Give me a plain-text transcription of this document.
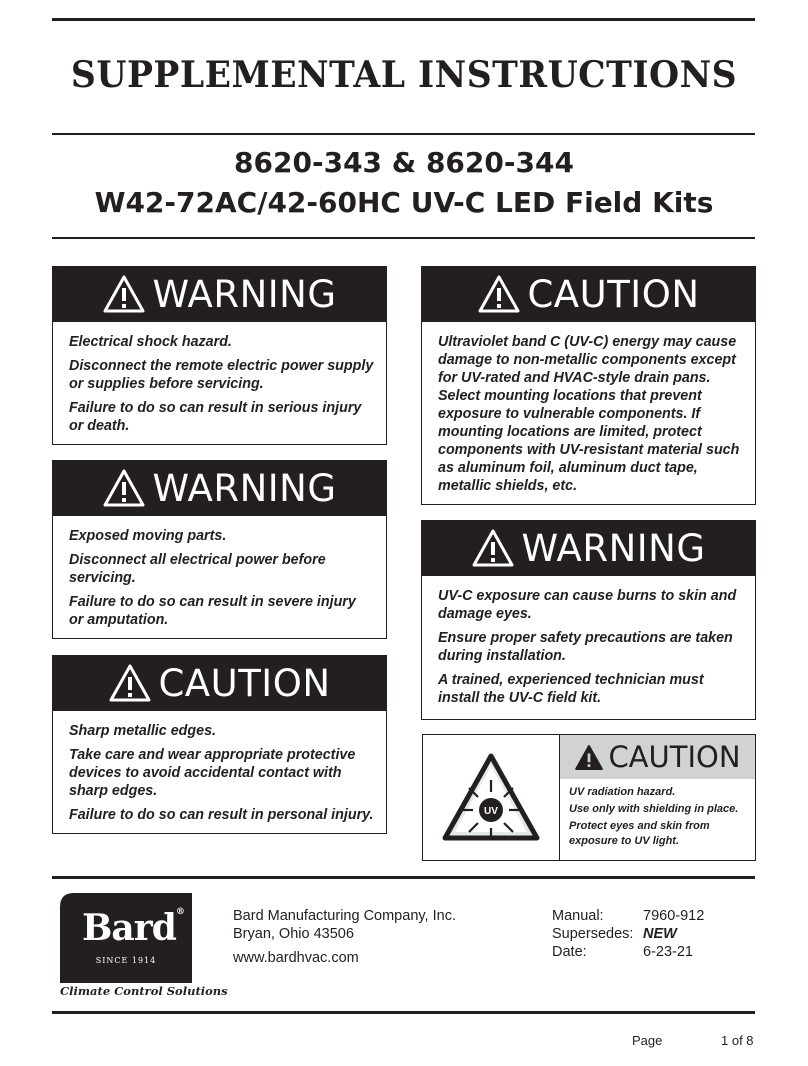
SUPPLEMENTAL INSTRUCTIONS
8620-343 & 8620-344
W42-72AC/42-60HC UV-C LED Field Kits
WARNING

Electrical shock hazard.

Disconnect the remote electric power supply or supplies before servicing.

Failure to do so can result in serious injury or death.

WARNING

Exposed moving parts.

Disconnect all electrical power before servicing.

Failure to do so can result in severe injury or amputation.

CAUTION

Sharp metallic edges.

Take care and wear appropriate protective devices to avoid accidental contact with sharp edges.

Failure to do so can result in personal injury.

CAUTION

Ultraviolet band C (UV-C) energy may cause damage to non-metallic components except for UV-rated and HVAC-style drain pans. Select mounting locations that prevent exposure to vulnerable components. If mounting locations are limited, protect components with UV-resistant material such as aluminum foil, aluminum duct tape, metallic shields, etc.

WARNING

UV-C exposure can cause burns to skin and damage eyes.

Ensure proper safety precautions are taken during installation.

A trained, experienced technician must install the UV-C field kit.

UV
CAUTION

UV radiation hazard.

Use only with shielding in place.

Protect eyes and skin from exposure to UV light.

Bard®
SINCE 1914
Climate Control Solutions
Bard Manufacturing Company, Inc.
Bryan, Ohio 43506
www.bardhvac.com
Manual:	7960-912
Supersedes: NEW
Date:	6-23-21
Page	1 of 8
